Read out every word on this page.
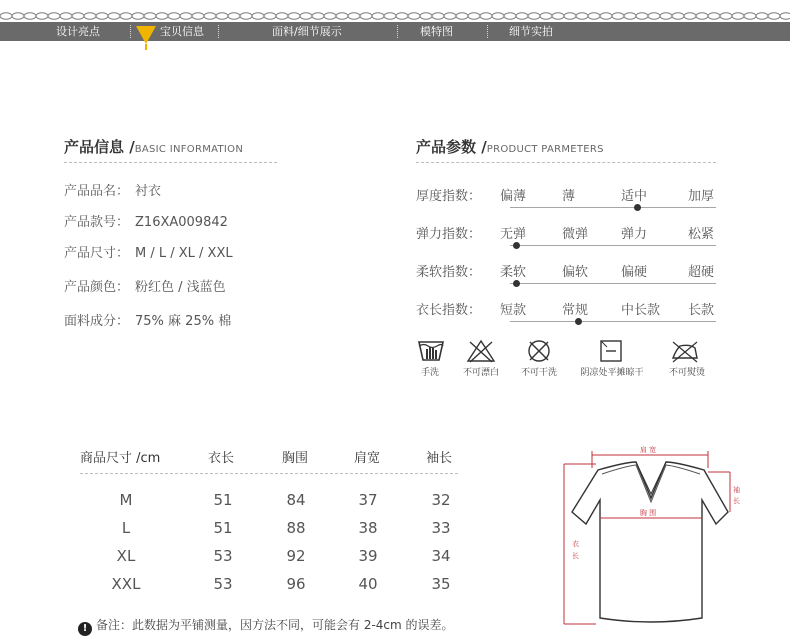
设计亮点	宝贝信息	面料/细节展示	模特图	细节实拍
产品信息 /BASIC INFORMATION
产品品名： 衬衣
产品款号： Z16XA009842
产品尺寸： M / L / XL / XXL
产品颜色： 粉红色 / 浅蓝色
面料成分： 75% 麻 25% 棉
产品参数 /PRODUCT PARMETERS
厚度指数： 偏薄	薄	适中	加厚
弹力指数： 无弹	微弹	弹力	松紧
柔软指数： 柔软	偏软	偏硬	超硬
衣长指数： 短款	常规	中长款 长款
手洗	不可漂白	不可干洗	阴凉处平摊晾干	不可熨烫
商品尺寸 /cm	衣长	胸围	肩宽	袖长
M	51	84	37	32
L	51	88	38	33
XL	53	92	39	34
XXL	53	96	40	35
! 备注：此数据为平铺测量，因方法不同，可能会有 2-4cm 的误差。
肩 宽
胸 围
衣
长
袖
长
